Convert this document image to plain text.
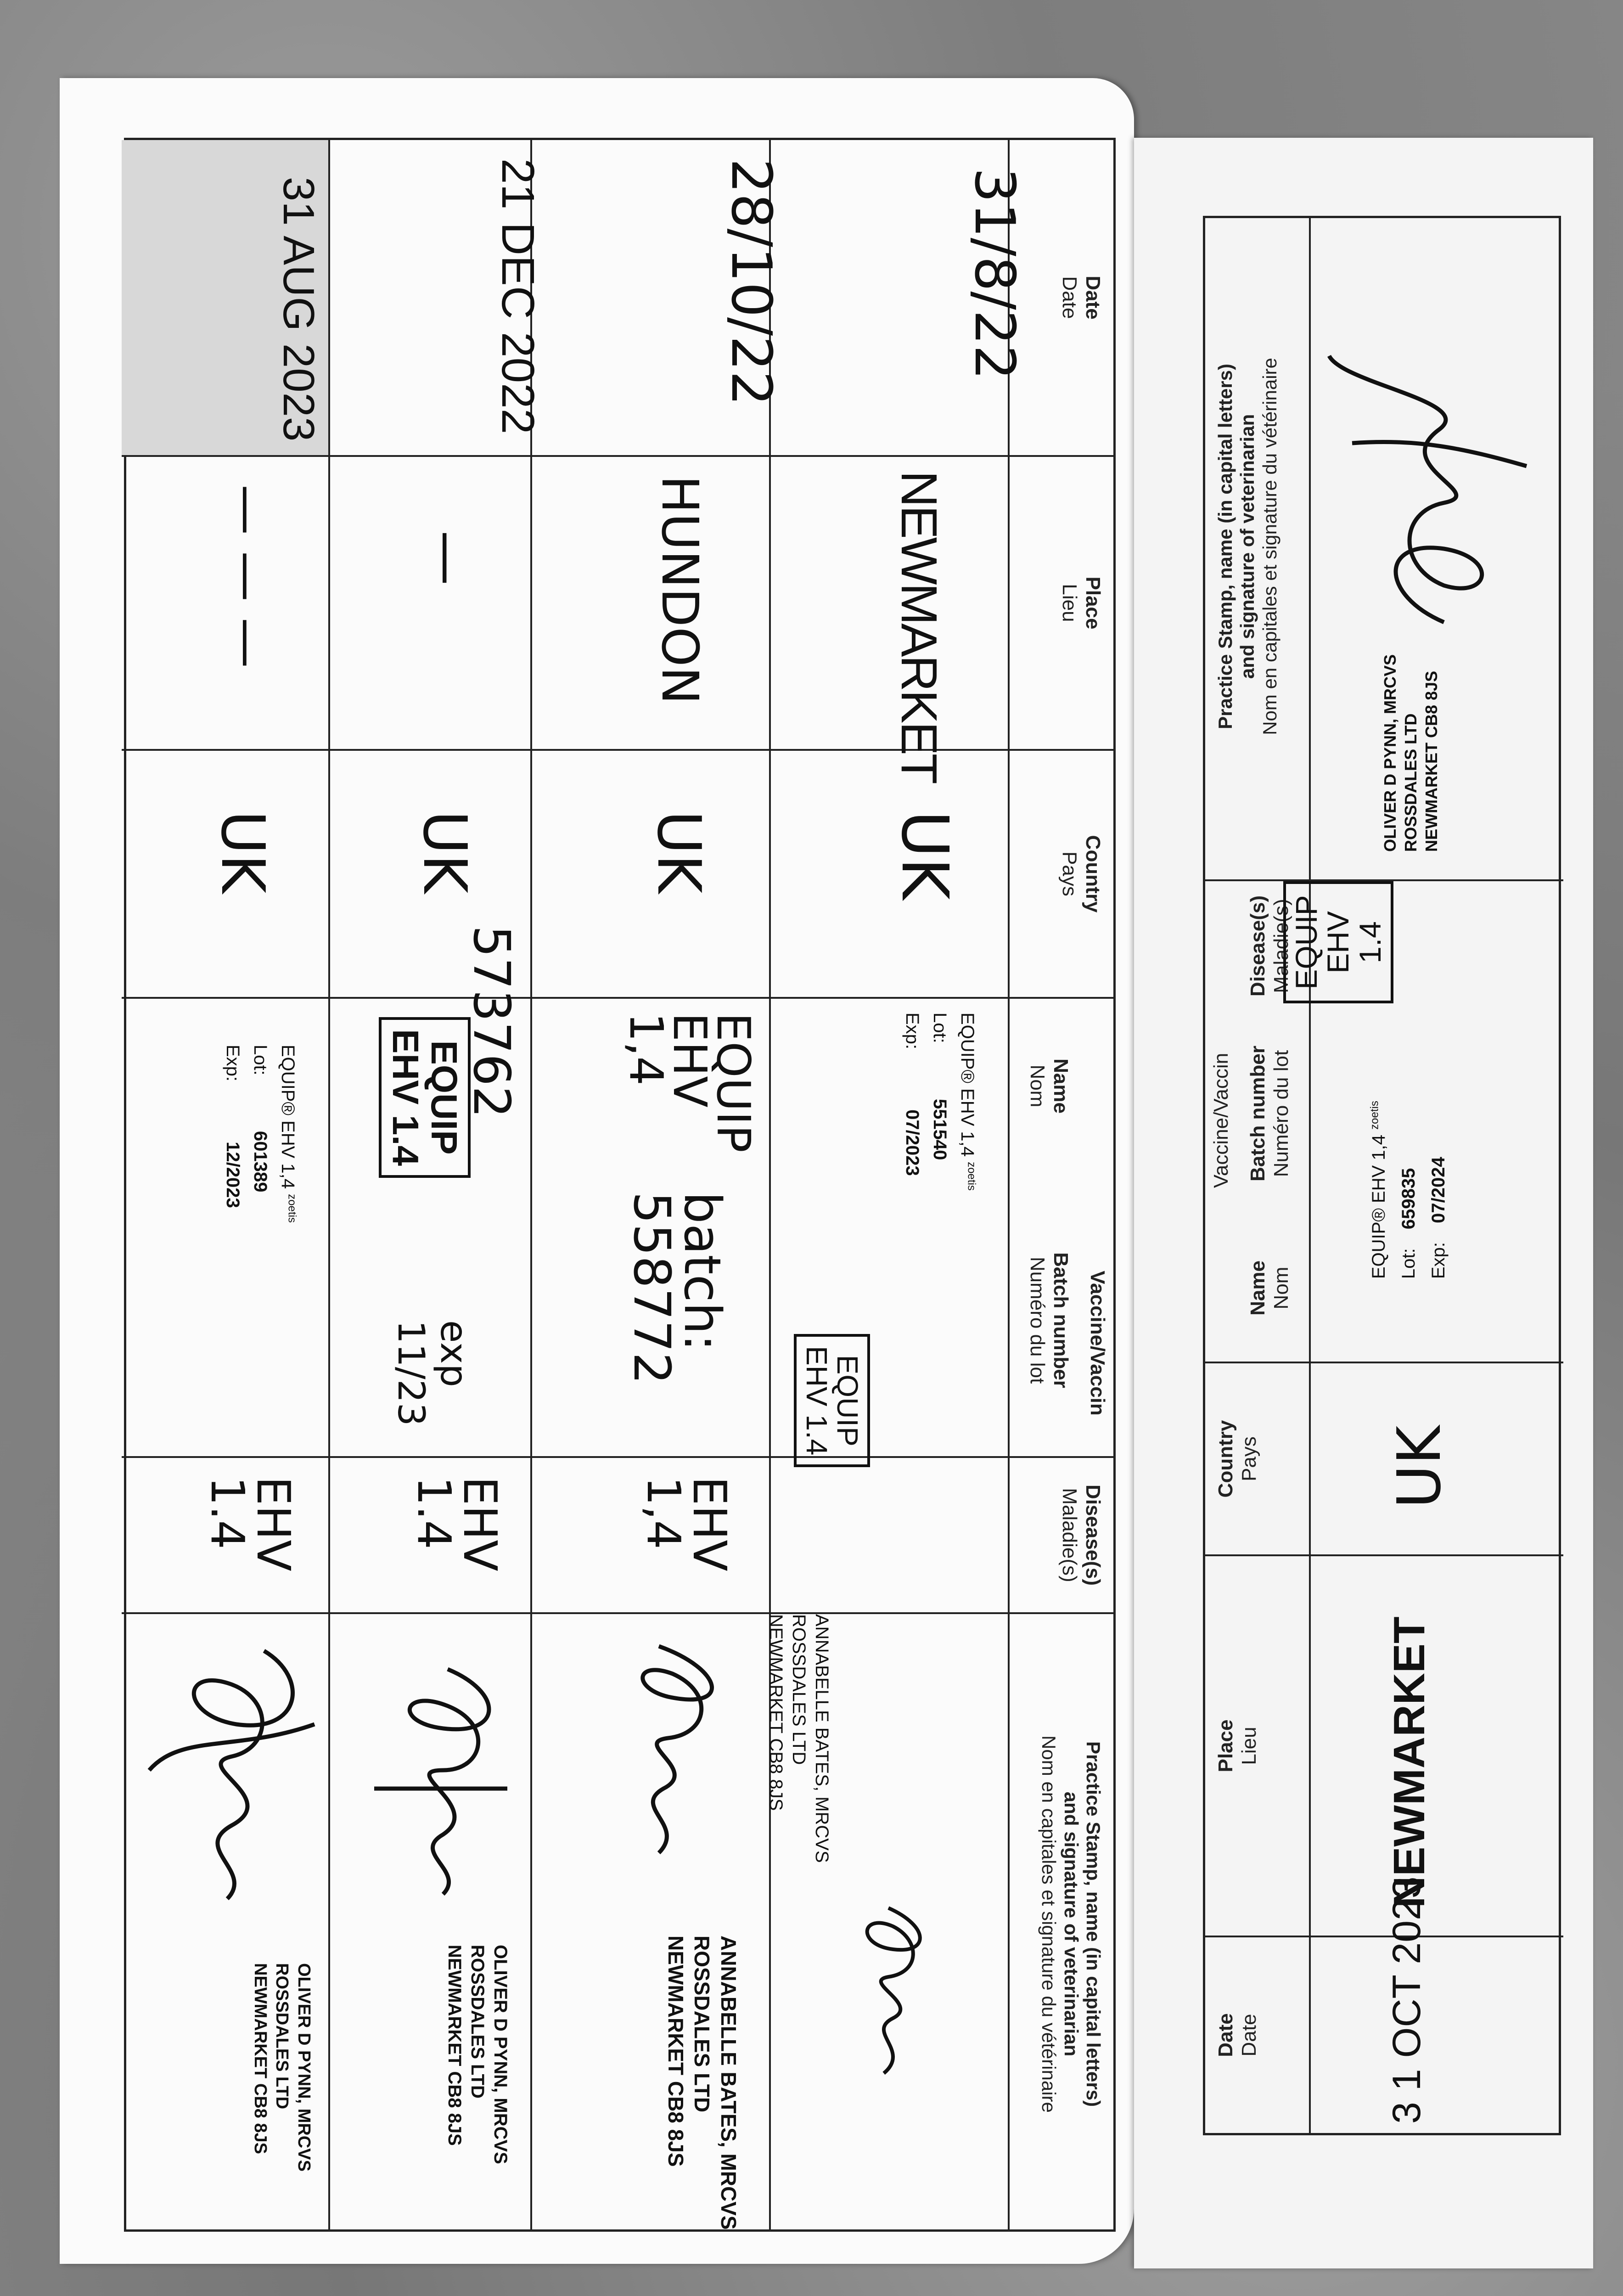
Date
Date
Place
Lieu
Country
Pays
Vaccine/Vaccin
Name
Nom
Batch number
Numéro du lot
Disease(s)
Maladie(s)
Practice Stamp, name (in capital letters)
and signature of veterinarian
Nom en capitales et signature du vétérinaire
31/8/22
NEWMARKET
UK
EQUIP® EHV 1,4 $^{zoetis}$
Lot: 551540
Exp: 07/2023
EQUIP
EHV 1.4
ANNABELLE BATES, MRCVS
ROSSDALES LTD
NEWMARKET CB8 8JS
28/10/22
HUNDON
UK
EQUIP
EHV
1,4
batch:
558772
EHV
1,4
ANNABELLE BATES, MRCVS
ROSSDALES LTD
NEWMARKET CB8 8JS
21 DEC 2022
—
UK
EQUIP
EHV 1.4 573762
exp 11/23
EHV
1.4
OLIVER D PYNN, MRCVS
ROSSDALES LTD
NEWMARKET CB8 8JS
31 AUG 2023
— — —
UK
EQUIP® EHV 1,4 $^{zoetis}$
Lot: 601389
Exp: 12/2023
EHV
1.4
OLIVER D PYNN, MRCVS
ROSSDALES LTD
NEWMARKET CB8 8JS	Date Date
Place Lieu
Country Pays
Vaccine/Vaccin
Name Nom
Batch number Numéro du lot
Disease(s) Maladie(s)
Practice Stamp, name (in capital letters) and signature of veterinarian Nom en capitales et signature du vétérinaire
3 1 OCT 2023
NEWMARKET
UK
EQUIP® EHV 1,4 $^{zoetis}$
Lot: 659835
Exp: 07/2024
EQUIP
EHV 1.4
OLIVER D PYNN, MRCVS ROSSDALES LTD NEWMARKET CB8 8JS
